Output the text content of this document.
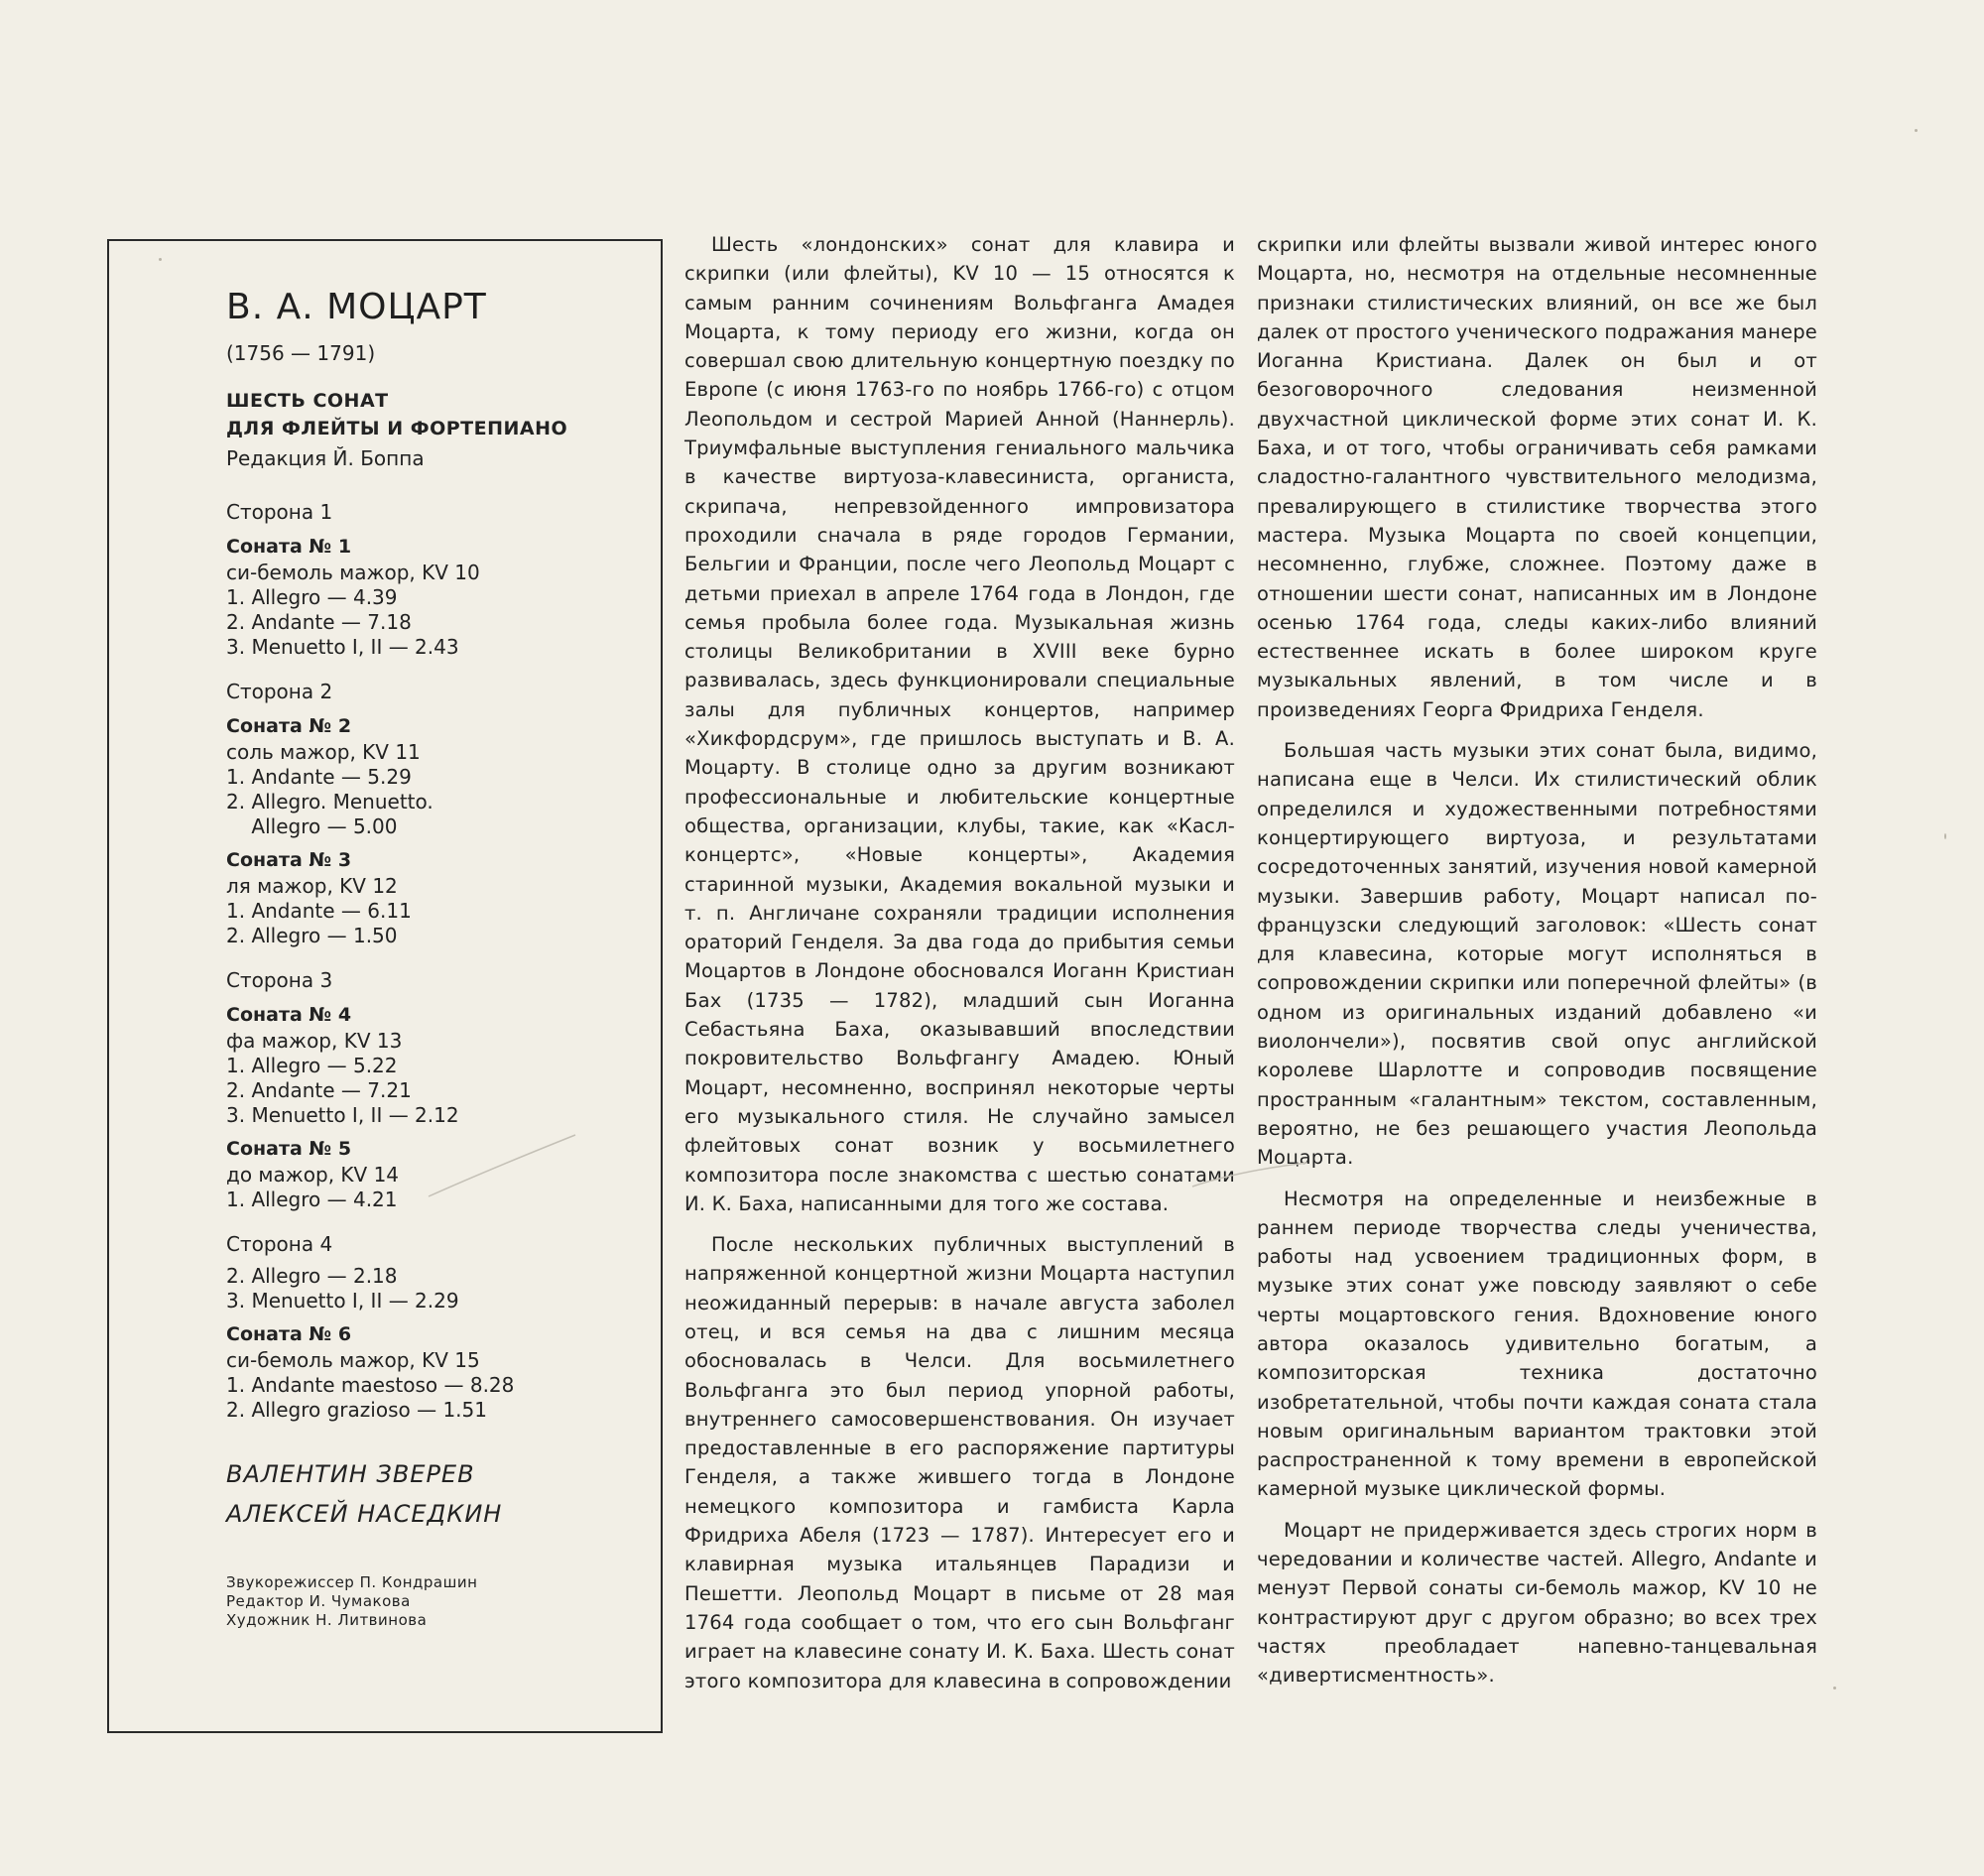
В. А. МОЦАРТ
(1756 — 1791)
ШЕСТЬ СОНАТ
ДЛЯ ФЛЕЙТЫ И ФОРТЕПИАНО
Редакция Й. Боппа
Сторона 1
Соната № 1
си-бемоль мажор, KV 10
1. Allegro — 4.39
2. Andante — 7.18
3. Menuetto I, II — 2.43
Сторона 2
Соната № 2
соль мажор, KV 11
1. Andante — 5.29
2. Allegro. Menuetto.
Allegro — 5.00
Соната № 3
ля мажор, KV 12
1. Andante — 6.11
2. Allegro — 1.50
Сторона 3
Соната № 4
фа мажор, KV 13
1. Allegro — 5.22
2. Andante — 7.21
3. Menuetto I, II — 2.12
Соната № 5
до мажор, KV 14
1. Allegro — 4.21
Сторона 4
2. Allegro — 2.18
3. Menuetto I, II — 2.29
Соната № 6
си-бемоль мажор, KV 15
1. Andante maestoso — 8.28
2. Allegro grazioso — 1.51
ВАЛЕНТИН ЗВЕРЕВ
АЛЕКСЕЙ НАСЕДКИН
Звукорежиссер П. Кондрашин
Редактор И. Чумакова
Художник Н. Литвинова

Шесть «лондонских» сонат для клавира и скрипки (или флейты), KV 10 — 15 относятся к самым ранним сочинениям Вольфганга Амадея Моцарта, к тому периоду его жизни, когда он совершал свою длительную концертную поездку по Европе (с июня 1763-го по ноябрь 1766-го) с отцом Леопольдом и сестрой Марией Анной (Наннерль). Триумфальные выступления гениального мальчика в качестве виртуоза-клавесиниста, органиста, скрипача, непревзойденного импровизатора проходили сначала в ряде городов Германии, Бельгии и Франции, после чего Леопольд Моцарт с детьми приехал в апреле 1764 года в Лондон, где семья пробыла более года. Музыкальная жизнь столицы Великобритании в XVIII веке бурно развивалась, здесь функционировали специальные залы для публичных концертов, например «Хикфордсрум», где пришлось выступать и В. А. Моцарту. В столице одно за другим возникают профессиональные и любительские концертные общества, организации, клубы, такие, как «Касл-концертс», «Новые концерты», Академия старинной музыки, Академия вокальной музыки и т. п. Англичане сохраняли традиции исполнения ораторий Генделя. За два года до прибытия семьи Моцартов в Лондоне обосновался Иоганн Кристиан Бах (1735 — 1782), младший сын Иоганна Себастьяна Баха, оказывавший впоследствии покровительство Вольфгангу Амадею. Юный Моцарт, несомненно, воспринял некоторые черты его музыкального стиля. Не случайно замысел флейтовых сонат возник у восьмилетнего композитора после знакомства с шестью сонатами И. К. Баха, написанными для того же состава.

После нескольких публичных выступлений в напряженной концертной жизни Моцарта наступил неожиданный перерыв: в начале августа заболел отец, и вся семья на два с лишним месяца обосновалась в Челси. Для восьмилетнего Вольфганга это был период упорной работы, внутреннего самосовершенствования. Он изучает предоставленные в его распоряжение партитуры Генделя, а также жившего тогда в Лондоне немецкого композитора и гамбиста Карла Фридриха Абеля (1723 — 1787). Интересует его и клавирная музыка итальянцев Парадизи и Пешетти. Леопольд Моцарт в письме от 28 мая 1764 года сообщает о том, что его сын Вольфганг играет на клавесине сонату И. К. Баха. Шесть сонат этого композитора для клавесина в сопровождении

скрипки или флейты вызвали живой интерес юного Моцарта, но, несмотря на отдельные несомненные признаки стилистических влияний, он все же был далек от простого ученического подражания манере Иоганна Кристиана. Далек он был и от безоговорочного следования неизменной двухчастной циклической форме этих сонат И. К. Баха, и от того, чтобы ограничивать себя рамками сладостно-галантного чувствительного мелодизма, превалирующего в стилистике творчества этого мастера. Музыка Моцарта по своей концепции, несомненно, глубже, сложнее. Поэтому даже в отношении шести сонат, написанных им в Лондоне осенью 1764 года, следы каких-либо влияний естественнее искать в более широком круге музыкальных явлений, в том числе и в произведениях Георга Фридриха Генделя.

Большая часть музыки этих сонат была, видимо, написана еще в Челси. Их стилистический облик определился и художественными потребностями концертирующего виртуоза, и результатами сосредоточенных занятий, изучения новой камерной музыки. Завершив работу, Моцарт написал по-французски следующий заголовок: «Шесть сонат для клавесина, которые могут исполняться в сопровождении скрипки или поперечной флейты» (в одном из оригинальных изданий добавлено «и виолончели»), посвятив свой опус английской королеве Шарлотте и сопроводив посвящение пространным «галантным» текстом, составленным, вероятно, не без решающего участия Леопольда Моцарта.

Несмотря на определенные и неизбежные в раннем периоде творчества следы ученичества, работы над усвоением традиционных форм, в музыке этих сонат уже повсюду заявляют о себе черты моцартовского гения. Вдохновение юного автора оказалось удивительно богатым, а композиторская техника достаточно изобретательной, чтобы почти каждая соната стала новым оригинальным вариантом трактовки этой распространенной к тому времени в европейской камерной музыке циклической формы.

Моцарт не придерживается здесь строгих норм в чередовании и количестве частей. Allegro, Andante и менуэт Первой сонаты си-бемоль мажор, KV 10 не контрастируют друг с другом образно; во всех трех частях преобладает напевно-танцевальная «дивертисментность».
